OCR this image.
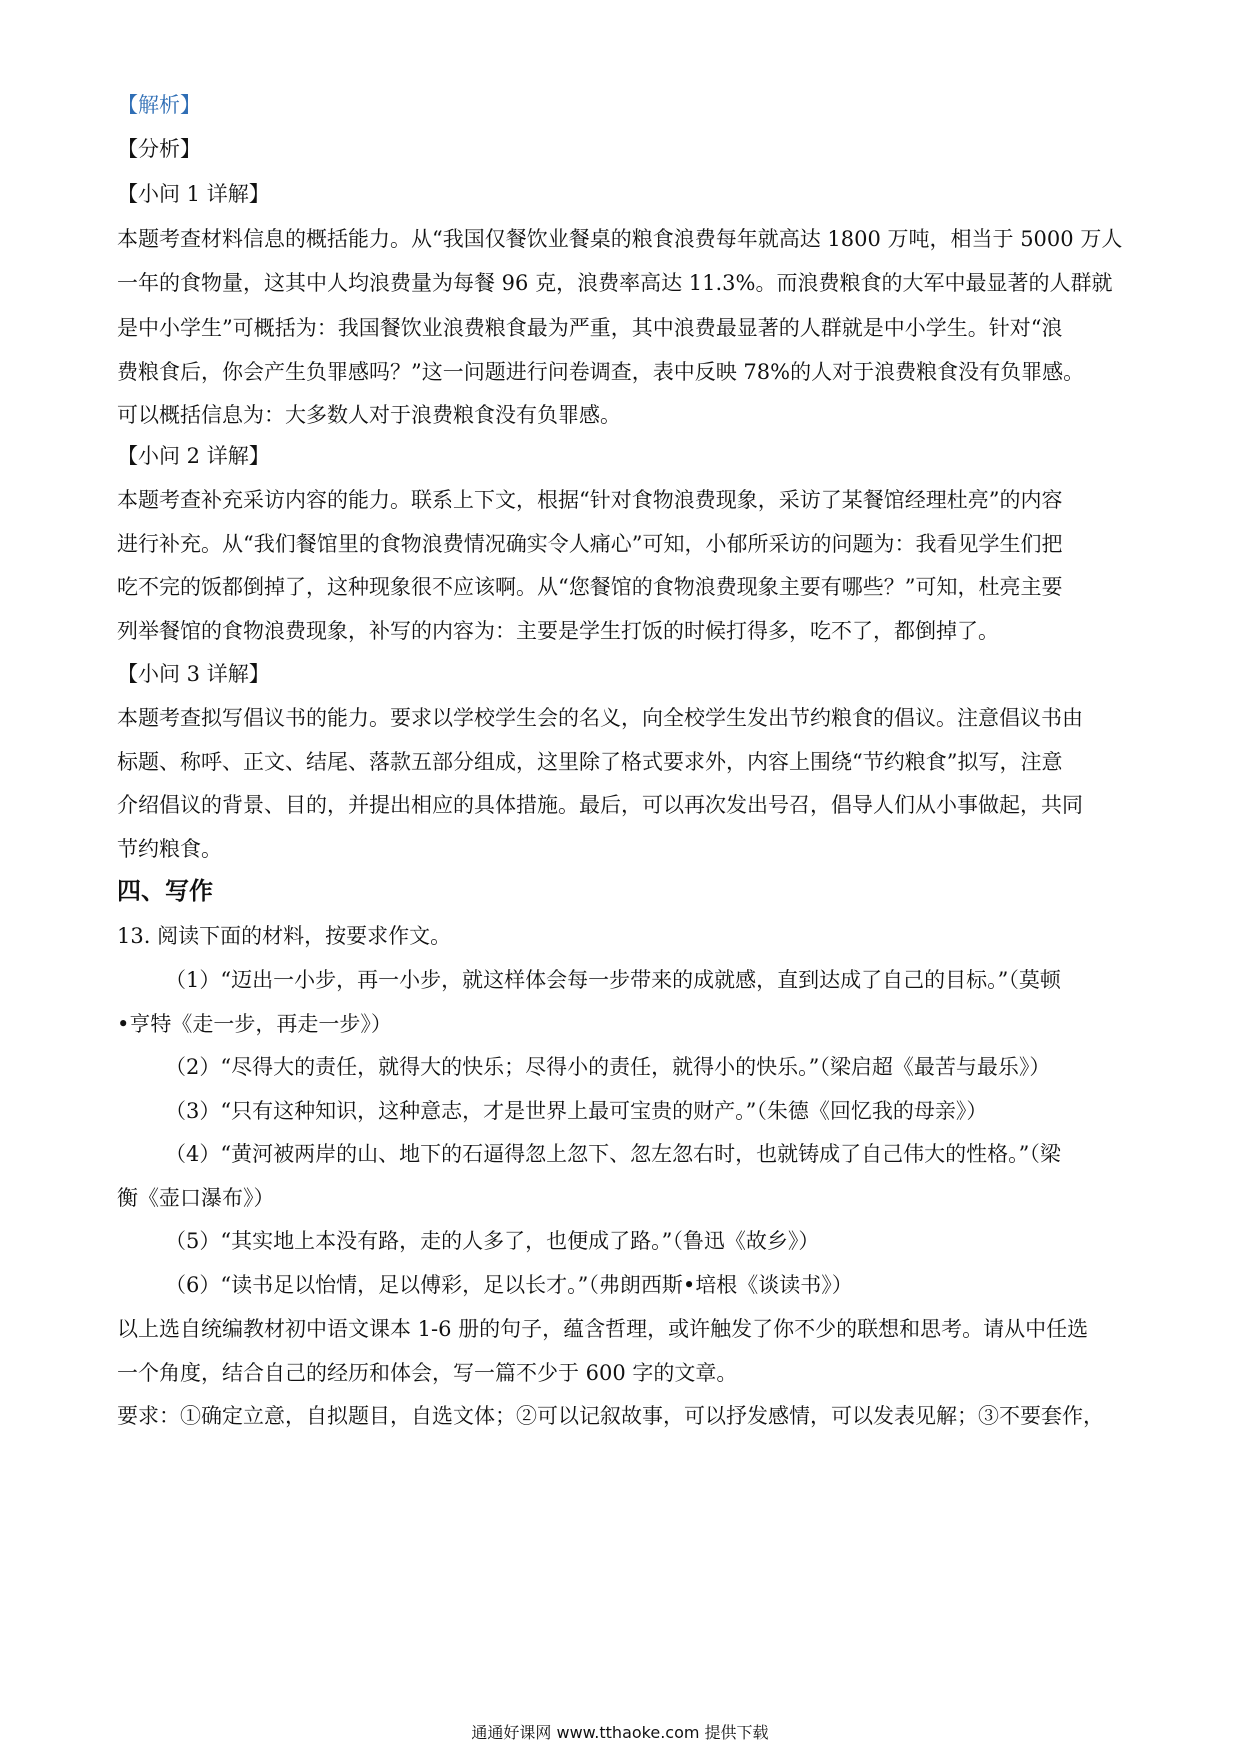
【解析】
【分析】
【小问 1 详解】
本题考查材料信息的概括能力。从“我国仅餐饮业餐桌的粮食浪费每年就高达 1800 万吨，相当于 5000 万人
一年的食物量，这其中人均浪费量为每餐 96 克，浪费率高达 11.3%。而浪费粮食的大军中最显著的人群就
是中小学生”可概括为：我国餐饮业浪费粮食最为严重，其中浪费最显著的人群就是中小学生。针对“浪
费粮食后，你会产生负罪感吗？”这一问题进行问卷调查，表中反映 78%的人对于浪费粮食没有负罪感。
可以概括信息为：大多数人对于浪费粮食没有负罪感。
【小问 2 详解】
本题考查补充采访内容的能力。联系上下文，根据“针对食物浪费现象，采访了某餐馆经理杜亮”的内容
进行补充。从“我们餐馆里的食物浪费情况确实令人痛心”可知，小郁所采访的问题为：我看见学生们把
吃不完的饭都倒掉了，这种现象很不应该啊。从“您餐馆的食物浪费现象主要有哪些？”可知，杜亮主要
列举餐馆的食物浪费现象，补写的内容为：主要是学生打饭的时候打得多，吃不了，都倒掉了。
【小问 3 详解】
本题考查拟写倡议书的能力。要求以学校学生会的名义，向全校学生发出节约粮食的倡议。注意倡议书由
标题、称呼、正文、结尾、落款五部分组成，这里除了格式要求外，内容上围绕“节约粮食”拟写，注意
介绍倡议的背景、目的，并提出相应的具体措施。最后，可以再次发出号召，倡导人们从小事做起，共同
节约粮食。
四、写作
13. 阅读下面的材料，按要求作文。
（1）“迈出一小步，再一小步，就这样体会每一步带来的成就感，直到达成了自己的目标。”（莫顿
•亨特《走一步，再走一步》）
（2）“尽得大的责任，就得大的快乐；尽得小的责任，就得小的快乐。”（梁启超《最苦与最乐》）
（3）“只有这种知识，这种意志，才是世界上最可宝贵的财产。”（朱德《回忆我的母亲》）
（4）“黄河被两岸的山、地下的石逼得忽上忽下、忽左忽右时，也就铸成了自己伟大的性格。”（梁
衡《壶口瀑布》）
（5）“其实地上本没有路，走的人多了，也便成了路。”（鲁迅《故乡》）
（6）“读书足以怡情，足以傅彩，足以长才。”（弗朗西斯•培根《谈读书》）
以上选自统编教材初中语文课本 1-6 册的句子，蕴含哲理，或许触发了你不少的联想和思考。请从中任选
一个角度，结合自己的经历和体会，写一篇不少于 600 字的文章。
要求：①确定立意，自拟题目，自选文体；②可以记叙故事，可以抒发感情，可以发表见解；③不要套作，
通通好课网 www.tthaoke.com 提供下载
